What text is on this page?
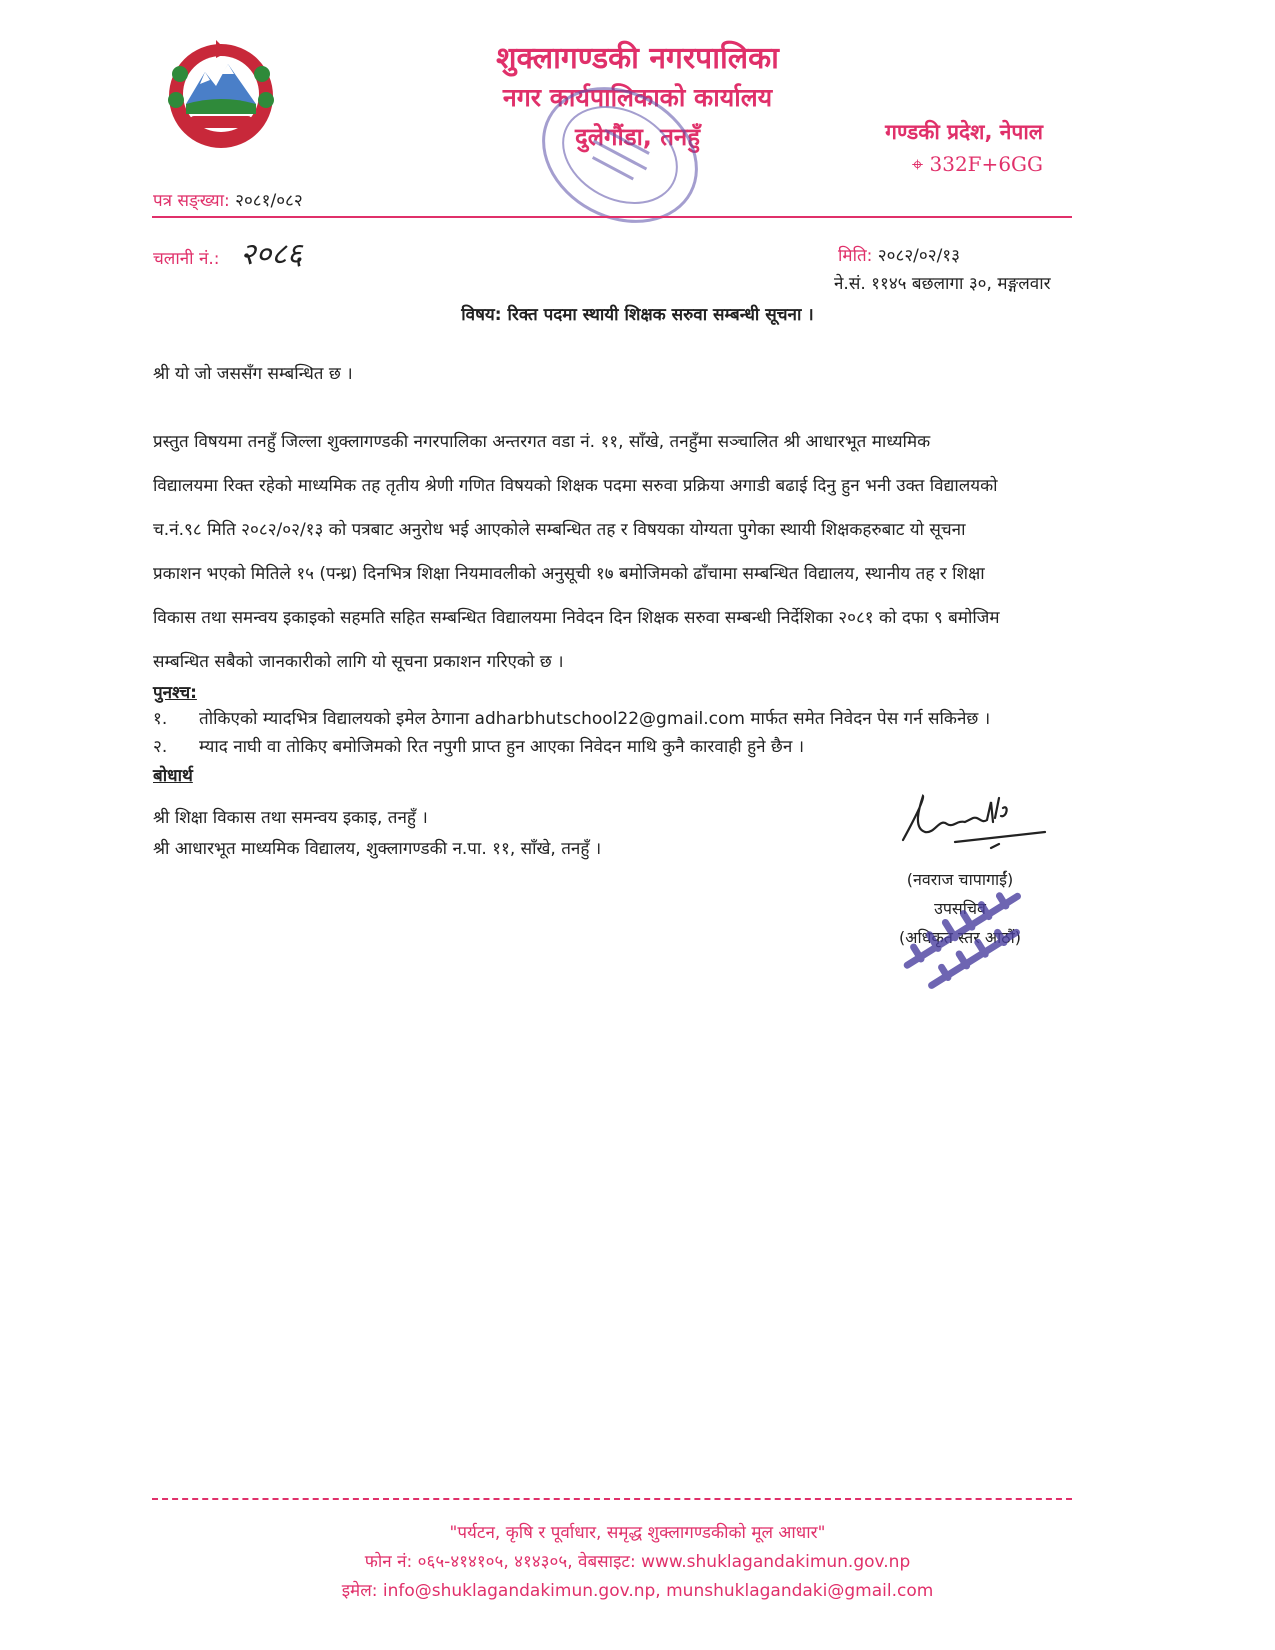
शुक्लागण्डकी नगरपालिका
नगर कार्यपालिकाको कार्यालय
दुलेगौंडा, तनहुँ	गण्डकी प्रदेश, नेपाल
⌖ 332F+6GG
पत्र सङ्ख्या: २०८१/०८२
चलानी नं.: २०८६	मिति: २०८२/०२/१३
ने.सं. ११४५ बछलागा ३०, मङ्गलवार
विषय: रिक्त पदमा स्थायी शिक्षक सरुवा सम्बन्धी सूचना ।
श्री यो जो जससँग सम्बन्धित छ ।
प्रस्तुत विषयमा तनहुँ जिल्ला शुक्लागण्डकी नगरपालिका अन्तरगत वडा नं. ११, साँखे, तनहुँमा सञ्चालित श्री आधारभूत माध्यमिक
विद्यालयमा रिक्त रहेको माध्यमिक तह तृतीय श्रेणी गणित विषयको शिक्षक पदमा सरुवा प्रक्रिया अगाडी बढाई दिनु हुन भनी उक्त विद्यालयको
च.नं.९८ मिति २०८२/०२/१३ को पत्रबाट अनुरोध भई आएकोले सम्बन्धित तह र विषयका योग्यता पुगेका स्थायी शिक्षकहरुबाट यो सूचना
प्रकाशन भएको मितिले १५ (पन्ध्र) दिनभित्र शिक्षा नियमावलीको अनुसूची १७ बमोजिमको ढाँचामा सम्बन्धित विद्यालय, स्थानीय तह र शिक्षा
विकास तथा समन्वय इकाइको सहमति सहित सम्बन्धित विद्यालयमा निवेदन दिन शिक्षक सरुवा सम्बन्धी निर्देशिका २०८१ को दफा ९ बमोजिम
सम्बन्धित सबैको जानकारीको लागि यो सूचना प्रकाशन गरिएको छ ।
पुनश्च:
१. तोकिएको म्यादभित्र विद्यालयको इमेल ठेगाना adharbhutschool22@gmail.com मार्फत समेत निवेदन पेस गर्न सकिनेछ ।
२. म्याद नाघी वा तोकिए बमोजिमको रित नपुगी प्राप्त हुन आएका निवेदन माथि कुनै कारवाही हुने छैन ।
बोधार्थ
श्री शिक्षा विकास तथा समन्वय इकाइ, तनहुँ ।
श्री आधारभूत माध्यमिक विद्यालय, शुक्लागण्डकी न.पा. ११, साँखे, तनहुँ ।
(नवराज चापागाईं)
उपसचिव
(अधिकृत स्तर आठौं)
"पर्यटन, कृषि र पूर्वाधार, समृद्ध शुक्लागण्डकीको मूल आधार"
फोन नं: ०६५-४१४१०५, ४१४३०५, वेबसाइट: www.shuklagandakimun.gov.np
इमेल: info@shuklagandakimun.gov.np, munshuklagandaki@gmail.com
